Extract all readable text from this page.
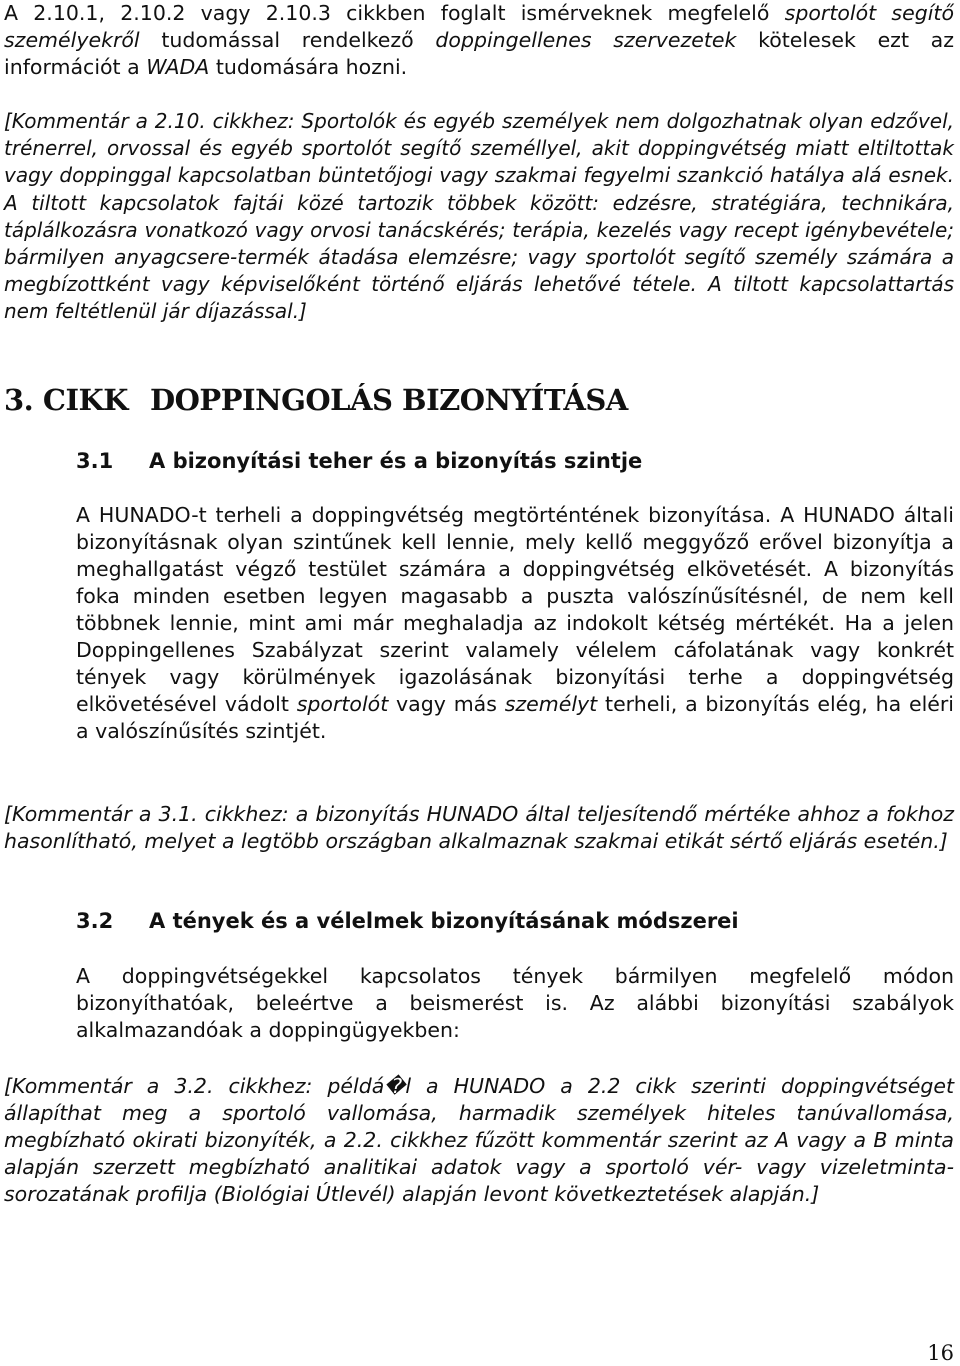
A 2.10.1, 2.10.2 vagy 2.10.3 cikkben foglalt ismérveknek megfelelő sportolót segítő személyekről tudomással rendelkező doppingellenes szervezetek kötelesek ezt az információt a WADA tudomására hozni.

[Kommentár a 2.10. cikkhez: Sportolók és egyéb személyek nem dolgozhatnak olyan edzővel, trénerrel, orvossal és egyéb sportolót segítő személlyel, akit doppingvétség miatt eltiltottak vagy doppinggal kapcsolatban büntetőjogi vagy szakmai fegyelmi szankció hatálya alá esnek. A tiltott kapcsolatok fajtái közé tartozik többek között: edzésre, stratégiára, technikára, táplálkozásra vonatkozó vagy orvosi tanácskérés; terápia, kezelés vagy recept igénybevétele; bármilyen anyagcsere-termék átadása elemzésre; vagy sportolót segítő személy számára a megbízottként vagy képviselőként történő eljárás lehetővé tétele. A tiltott kapcsolattartás nem feltétlenül jár díjazással.]

3. CIKK DOPPINGOLÁS BIZONYÍTÁSA
3.1 A bizonyítási teher és a bizonyítás szintje

A HUNADO-t terheli a doppingvétség megtörténtének bizonyítása. A HUNADO általi bizonyításnak olyan szintűnek kell lennie, mely kellő meggyőző erővel bizonyítja a meghallgatást végző testület számára a doppingvétség elkövetését. A bizonyítás foka minden esetben legyen magasabb a puszta valószínűsítésnél, de nem kell többnek lennie, mint ami már meghaladja az indokolt kétség mértékét. Ha a jelen Doppingellenes Szabályzat szerint valamely vélelem cáfolatának vagy konkrét tények vagy körülmények igazolásának bizonyítási terhe a doppingvétség elkövetésével vádolt sportolót vagy más személyt terheli, a bizonyítás elég, ha eléri a valószínűsítés szintjét.

[Kommentár a 3.1. cikkhez: a bizonyítás HUNADO által teljesítendő mértéke ahhoz a fokhoz hasonlítható, melyet a legtöbb országban alkalmaznak szakmai etikát sértő eljárás esetén.]

3.2 A tények és a vélelmek bizonyításának módszerei

A doppingvétségekkel kapcsolatos tények bármilyen megfelelő módon bizonyíthatóak, beleértve a beismerést is. Az alábbi bizonyítási szabályok alkalmazandóak a doppingügyekben:

[Kommentár a 3.2. cikkhez: példá�l a HUNADO a 2.2 cikk szerinti doppingvétséget állapíthat meg a sportoló vallomása, harmadik személyek hiteles tanúvallomása, megbízható okirati bizonyíték, a 2.2. cikkhez fűzött kommentár szerint az A vagy a B minta alapján szerzett megbízható analitikai adatok vagy a sportoló vér- vagy vizeletminta-sorozatának profilja (Biológiai Útlevél) alapján levont következtetések alapján.]

16
